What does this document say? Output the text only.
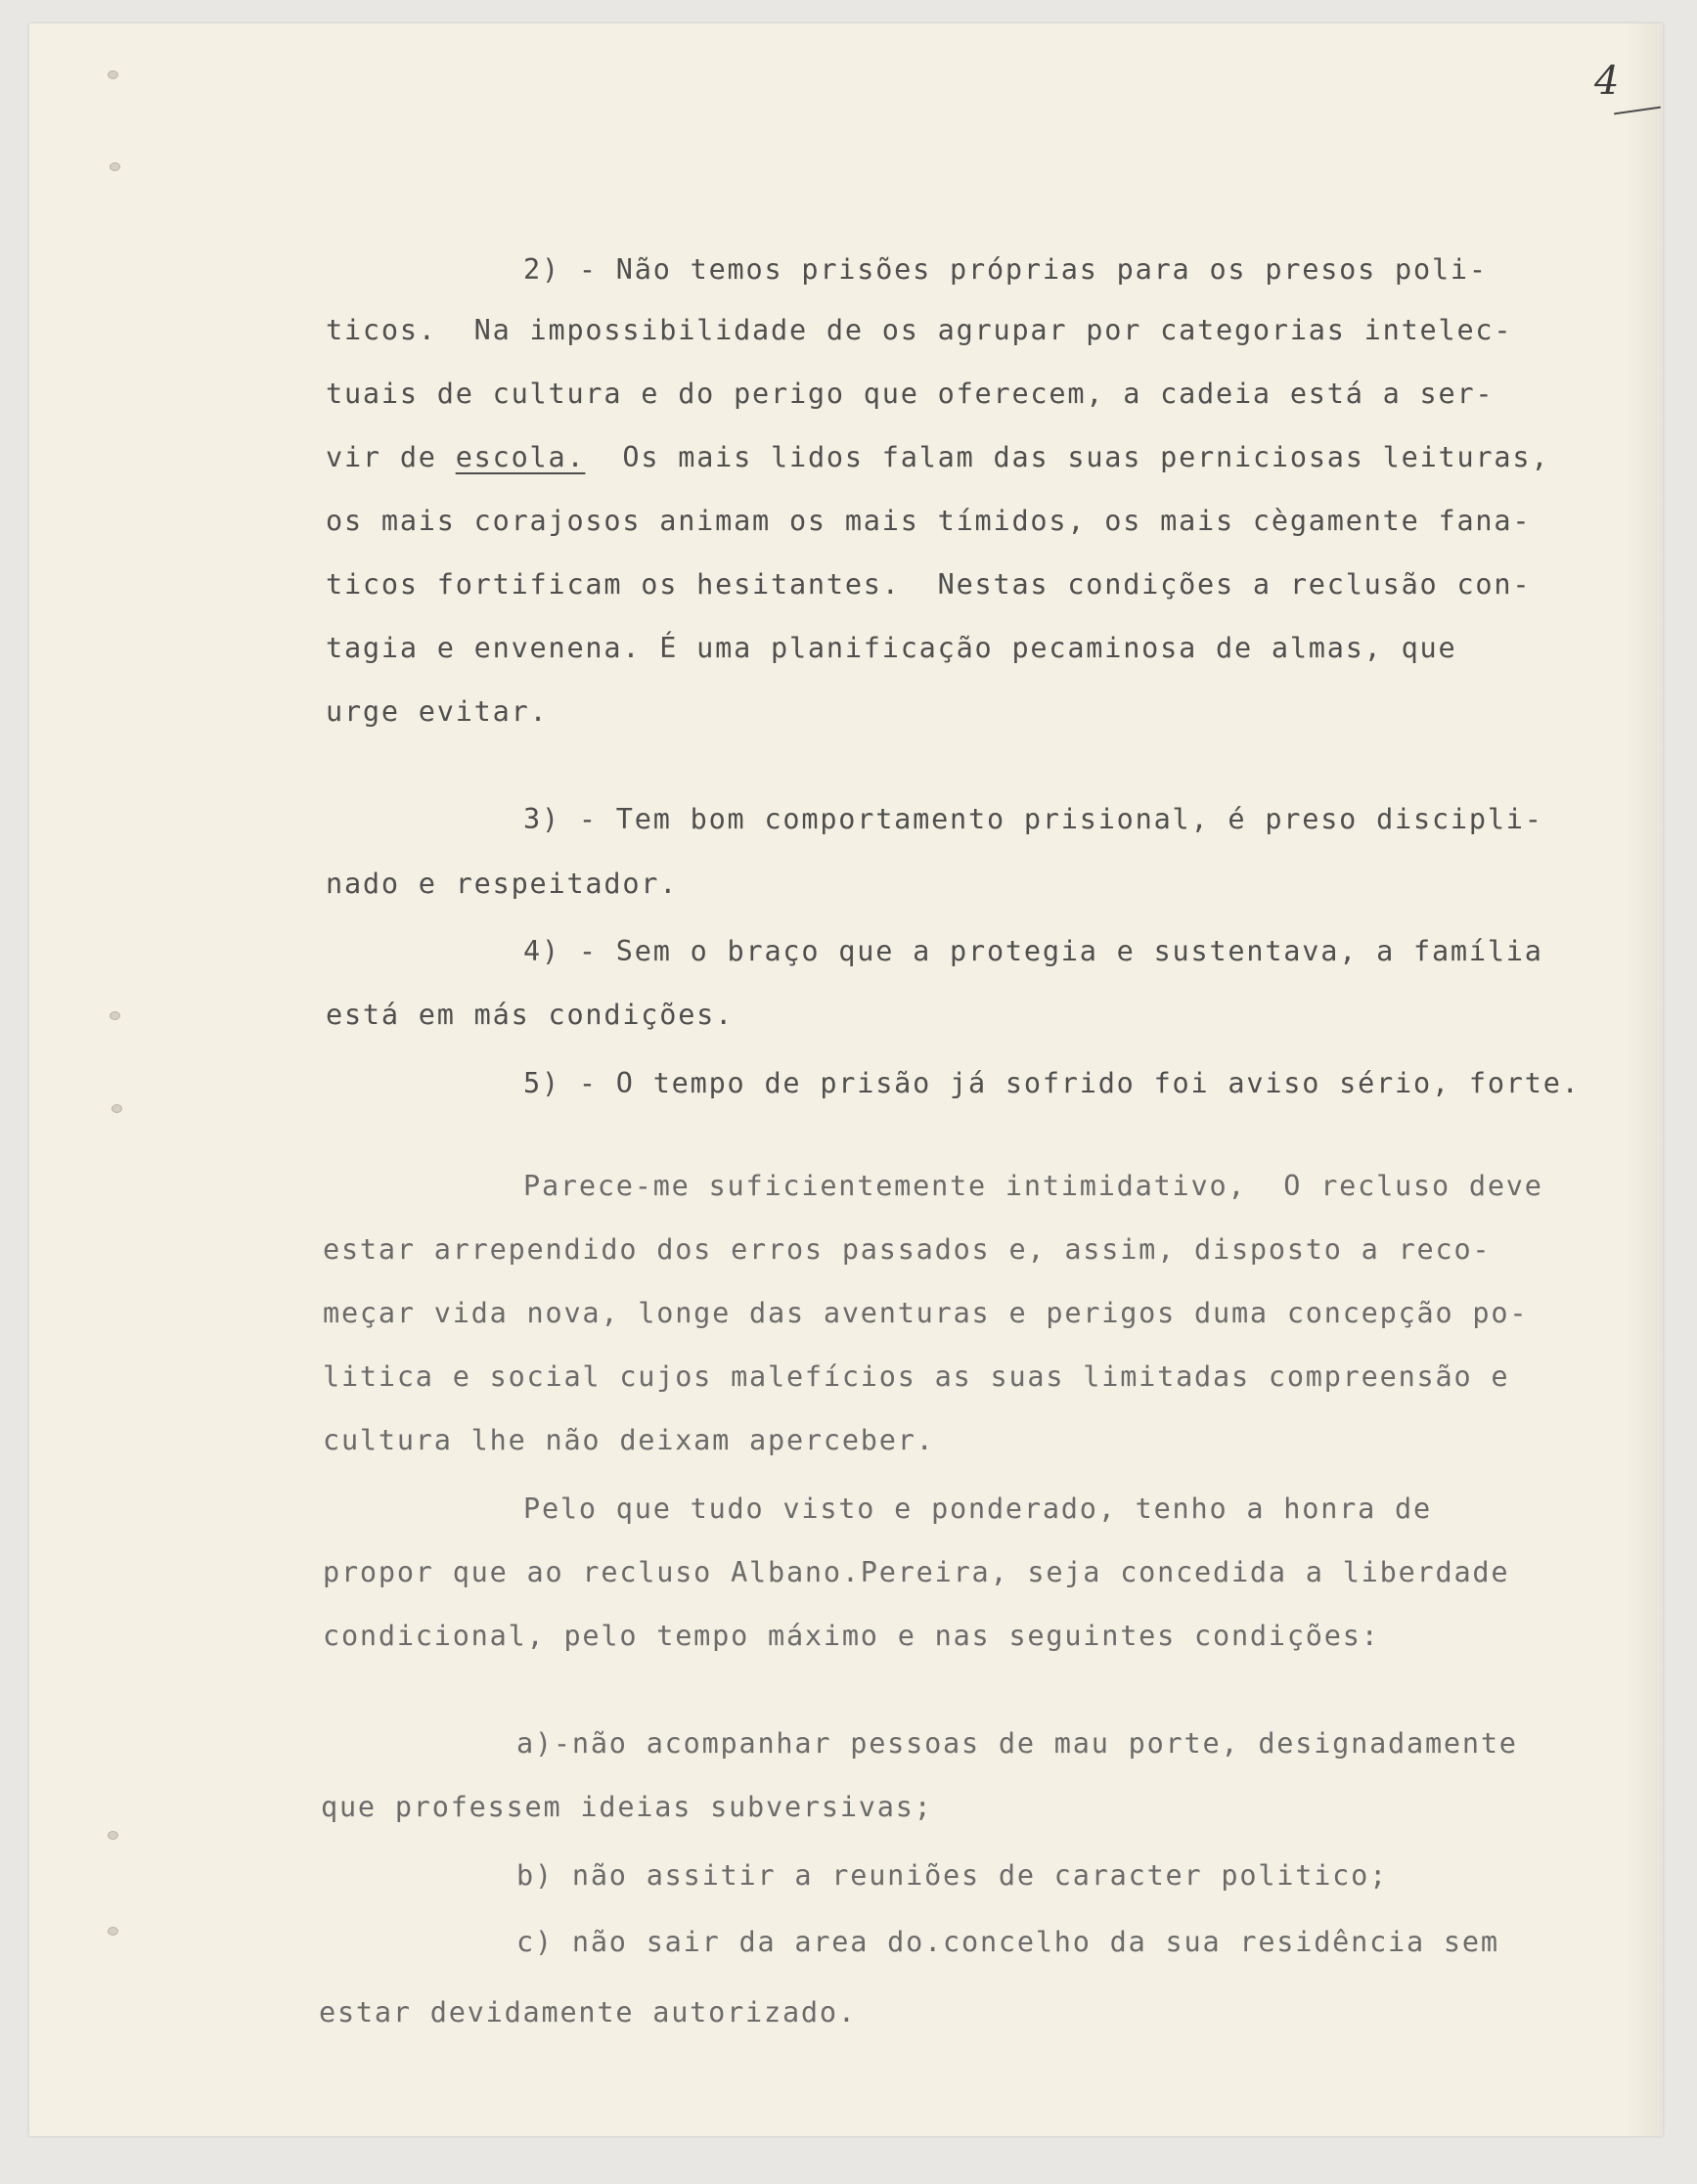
4
2) - Não temos prisões próprias para os presos poli-
ticos.  Na impossibilidade de os agrupar por categorias intelec-
tuais de cultura e do perigo que oferecem, a cadeia está a ser-
vir de escola.  Os mais lidos falam das suas perniciosas leituras,
os mais corajosos animam os mais tímidos, os mais cègamente fana-
ticos fortificam os hesitantes.  Nestas condições a reclusão con-
tagia e envenena. É uma planificação pecaminosa de almas, que
urge evitar.
3) - Tem bom comportamento prisional, é preso discipli-
nado e respeitador.
4) - Sem o braço que a protegia e sustentava, a família
está em más condições.
5) - O tempo de prisão já sofrido foi aviso sério, forte.
Parece-me suficientemente intimidativo,  O recluso deve
estar arrependido dos erros passados e, assim, disposto a reco-
meçar vida nova, longe das aventuras e perigos duma concepção po-
litica e social cujos malefícios as suas limitadas compreensão e
cultura lhe não deixam aperceber.
Pelo que tudo visto e ponderado, tenho a honra de
propor que ao recluso Albano.Pereira, seja concedida a liberdade
condicional, pelo tempo máximo e nas seguintes condições:
a)-não acompanhar pessoas de mau porte, designadamente
que professem ideias subversivas;
b) não assitir a reuniões de caracter politico;
c) não sair da area do.concelho da sua residência sem
estar devidamente autorizado.
